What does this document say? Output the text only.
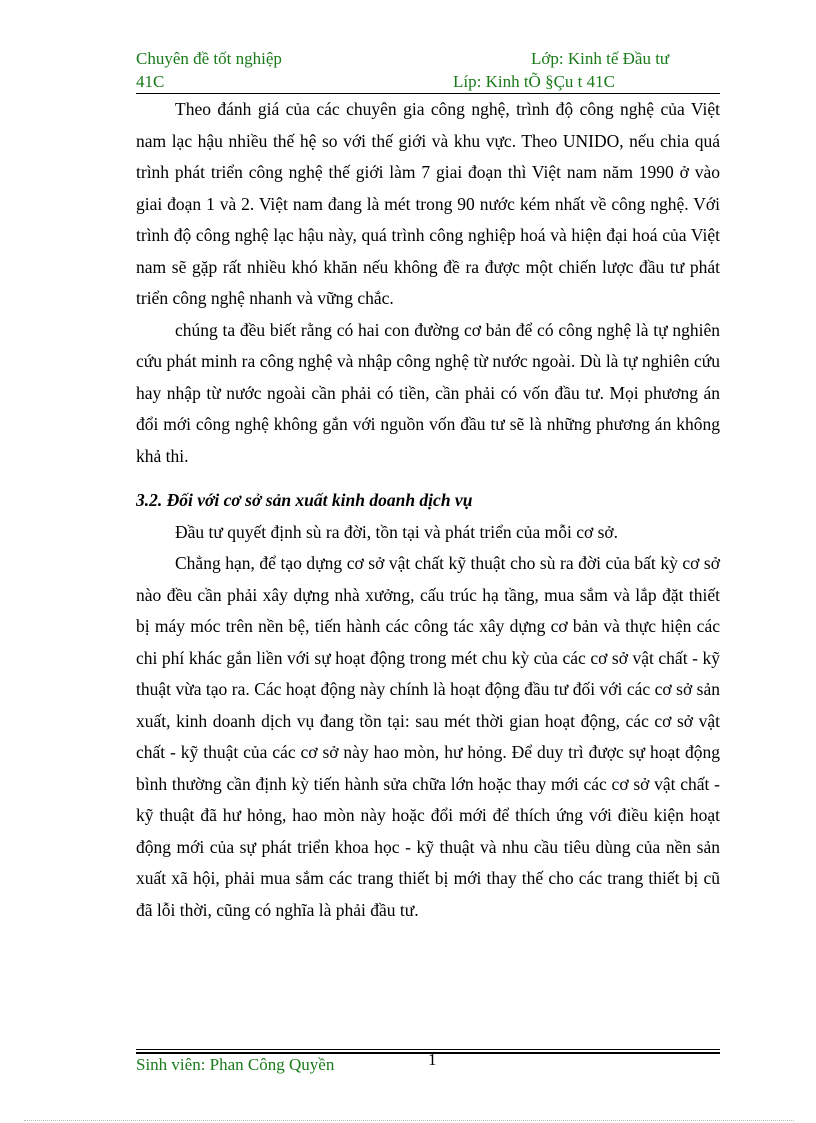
Chuyên đề tốt nghiệp	Lớp: Kinh tế Đầu tư
41C	Líp: Kinh tÕ §Çu t 41C

Theo đánh giá của các chuyên gia công nghệ, trình độ công nghệ của Việt nam lạc hậu nhiều thế hệ so với thế giới và khu vực. Theo UNIDO, nếu chia quá trình phát triển công nghệ thế giới làm 7 giai đoạn thì Việt nam năm 1990 ở vào giai đoạn 1 và 2. Việt nam đang là mét trong 90 nước kém nhất về công nghệ. Với trình độ công nghệ lạc hậu này, quá trình công nghiệp hoá và hiện đại hoá của Việt nam sẽ gặp rất nhiều khó khăn nếu không đề ra được một chiến lược đầu tư phát triển công nghệ nhanh và vững chắc.

chúng ta đều biết rằng có hai con đường cơ bản để có công nghệ là tự nghiên cứu phát minh ra công nghệ và nhập công nghệ từ nước ngoài. Dù là tự nghiên cứu hay nhập từ nước ngoài cần phải có tiền, cần phải có vốn đầu tư. Mọi phương án đổi mới công nghệ không gắn với nguồn vốn đầu tư sẽ là những phương án không khả thi.

3.2. Đối với cơ sở sản xuất kinh doanh dịch vụ

Đầu tư quyết định sù ra đời, tồn tại và phát triển của mỗi cơ sở.

Chẳng hạn, để tạo dựng cơ sở vật chất kỹ thuật cho sù ra đời của bất kỳ cơ sở nào đều cần phải xây dựng nhà xưởng, cấu trúc hạ tầng, mua sắm và lắp đặt thiết bị máy móc trên nền bệ, tiến hành các công tác xây dựng cơ bản và thực hiện các chi phí khác gắn liền với sự hoạt động trong mét chu kỳ của các cơ sở vật chất - kỹ thuật vừa tạo ra. Các hoạt động này chính là hoạt động đầu tư đối với các cơ sở sản xuất, kinh doanh dịch vụ đang tồn tại: sau mét thời gian hoạt động, các cơ sở vật chất - kỹ thuật của các cơ sở này hao mòn, hư hỏng. Để duy trì được sự hoạt động bình thường cần định kỳ tiến hành sửa chữa lớn hoặc thay mới các cơ sở vật chất - kỹ thuật đã hư hỏng, hao mòn này hoặc đổi mới để thích ứng với điều kiện hoạt động mới của sự phát triển khoa học - kỹ thuật và nhu cầu tiêu dùng của nền sản xuất xã hội, phải mua sắm các trang thiết bị mới thay thế cho các trang thiết bị cũ đã lỗi thời, cũng có nghĩa là phải đầu tư.

Sinh viên: Phan Công Quyền	1
